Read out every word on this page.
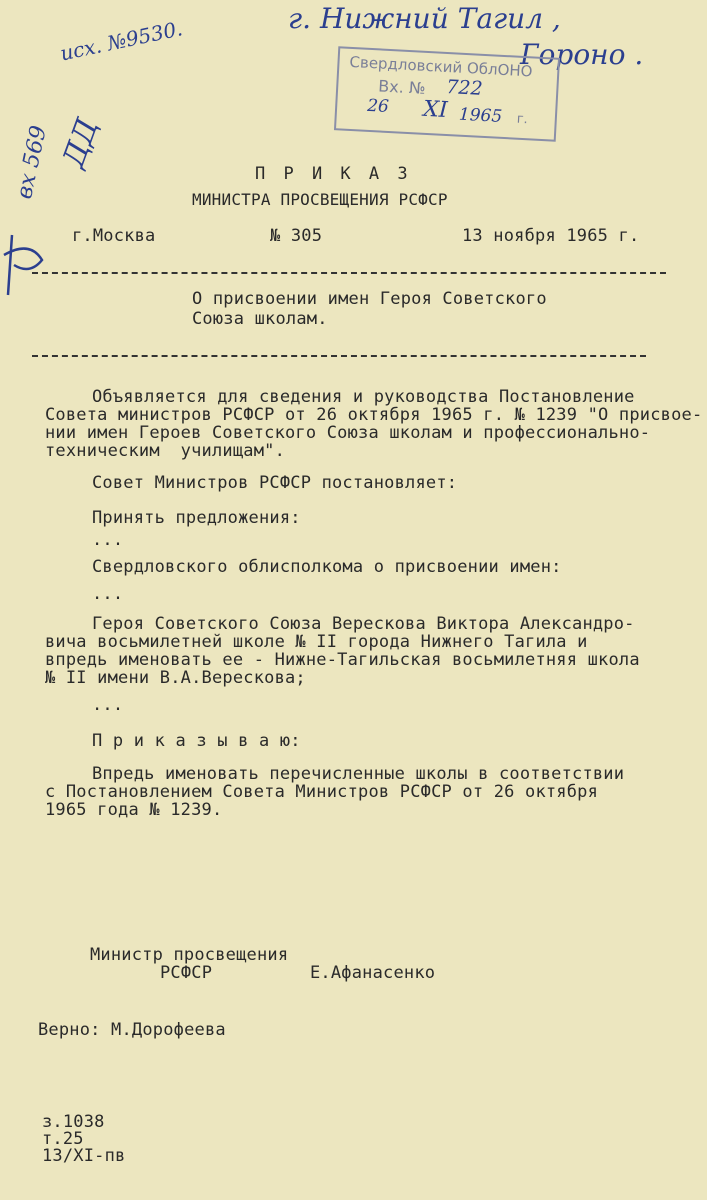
г. Нижний Тагил ,
Гороно .
исх. №9530.
вх 569 ДД
Свердловский ОблОНО
Вх. № 722
26 XI 1965 г.
П Р И К А З
МИНИСТРА ПРОСВЕЩЕНИЯ РСФСР
г.Москва	№ 305	13 ноября 1965 г.
О присвоении имен Героя Советского
Союза школам.
Объявляется для сведения и руководства Постановление
Совета министров РСФСР от 26 октября 1965 г. № 1239 "О присвое-
нии имен Героев Советского Союза школам и профессионально-
техническим  училищам".
Совет Министров РСФСР постановляет:
Принять предложения:
...
Свердловского облисполкома о присвоении имен:
...
Героя Советского Союза Верескова Виктора Александро-
вича восьмилетней школе № II города Нижнего Тагила и
впредь именовать ее - Нижне-Тагильская восьмилетняя школа
№ II имени В.А.Верескова;
...
П р и к а з ы в а ю:
Впредь именовать перечисленные школы в соответствии
с Постановлением Совета Министров РСФСР от 26 октября
1965 года № 1239.
Министр просвещения
РСФСР	Е.Афанасенко
Верно: М.Дорофеева
з.1038
т.25
13/XI-пв
